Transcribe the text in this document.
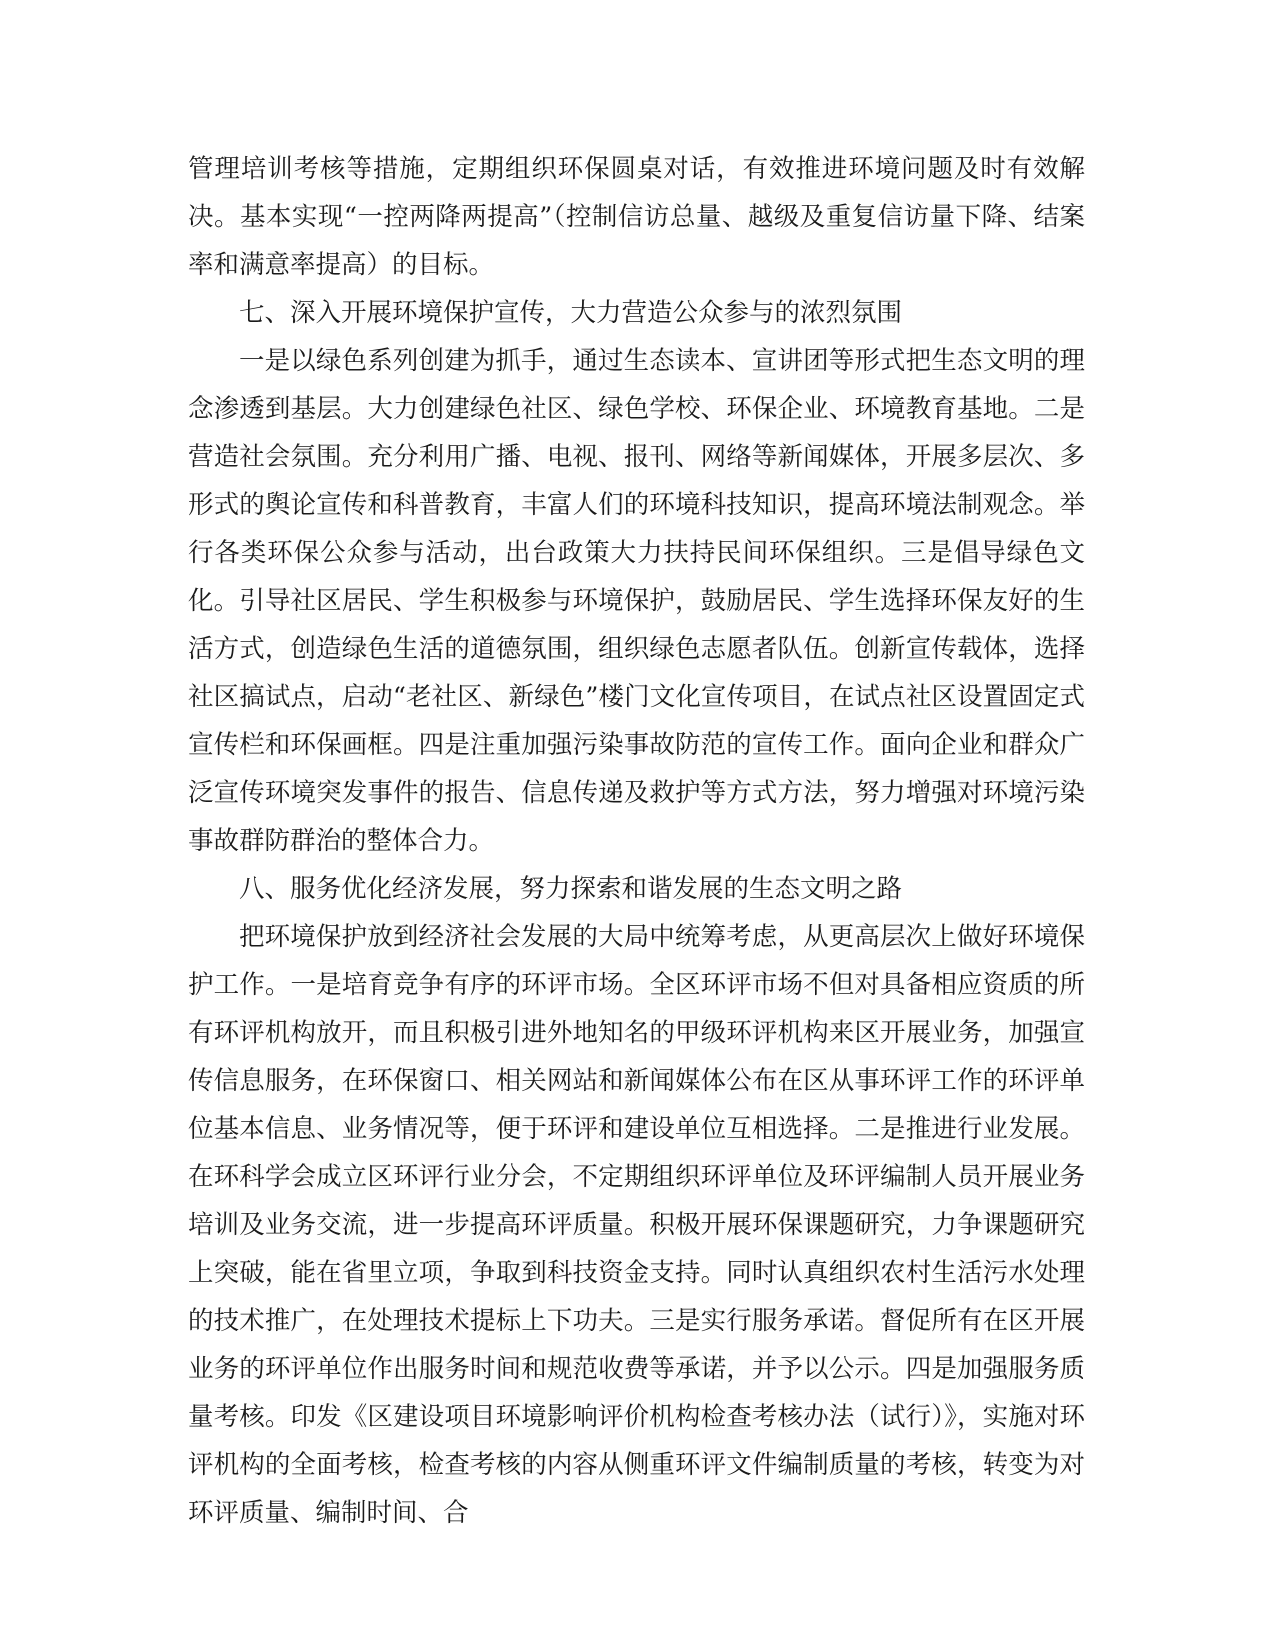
管理培训考核等措施，定期组织环保圆桌对话，有效推进环境问题及时有效解决。基本实现“一控两降两提高”（控制信访总量、越级及重复信访量下降、结案率和满意率提高）的目标。

七、深入开展环境保护宣传，大力营造公众参与的浓烈氛围

一是以绿色系列创建为抓手，通过生态读本、宣讲团等形式把生态文明的理念渗透到基层。大力创建绿色社区、绿色学校、环保企业、环境教育基地。二是营造社会氛围。充分利用广播、电视、报刊、网络等新闻媒体，开展多层次、多形式的舆论宣传和科普教育，丰富人们的环境科技知识，提高环境法制观念。举行各类环保公众参与活动，出台政策大力扶持民间环保组织。三是倡导绿色文化。引导社区居民、学生积极参与环境保护，鼓励居民、学生选择环保友好的生活方式，创造绿色生活的道德氛围，组织绿色志愿者队伍。创新宣传载体，选择社区搞试点，启动“老社区、新绿色”楼门文化宣传项目，在试点社区设置固定式宣传栏和环保画框。四是注重加强污染事故防范的宣传工作。面向企业和群众广泛宣传环境突发事件的报告、信息传递及救护等方式方法，努力增强对环境污染事故群防群治的整体合力。

八、服务优化经济发展，努力探索和谐发展的生态文明之路

把环境保护放到经济社会发展的大局中统筹考虑，从更高层次上做好环境保护工作。一是培育竞争有序的环评市场。全区环评市场不但对具备相应资质的所有环评机构放开，而且积极引进外地知名的甲级环评机构来区开展业务，加强宣传信息服务，在环保窗口、相关网站和新闻媒体公布在区从事环评工作的环评单位基本信息、业务情况等，便于环评和建设单位互相选择。二是推进行业发展。在环科学会成立区环评行业分会，不定期组织环评单位及环评编制人员开展业务培训及业务交流，进一步提高环评质量。积极开展环保课题研究，力争课题研究上突破，能在省里立项，争取到科技资金支持。同时认真组织农村生活污水处理的技术推广，在处理技术提标上下功夫。三是实行服务承诺。督促所有在区开展业务的环评单位作出服务时间和规范收费等承诺，并予以公示。四是加强服务质量考核。印发《区建设项目环境影响评价机构检查考核办法（试行）》，实施对环评机构的全面考核，检查考核的内容从侧重环评文件编制质量的考核，转变为对环评质量、编制时间、合
